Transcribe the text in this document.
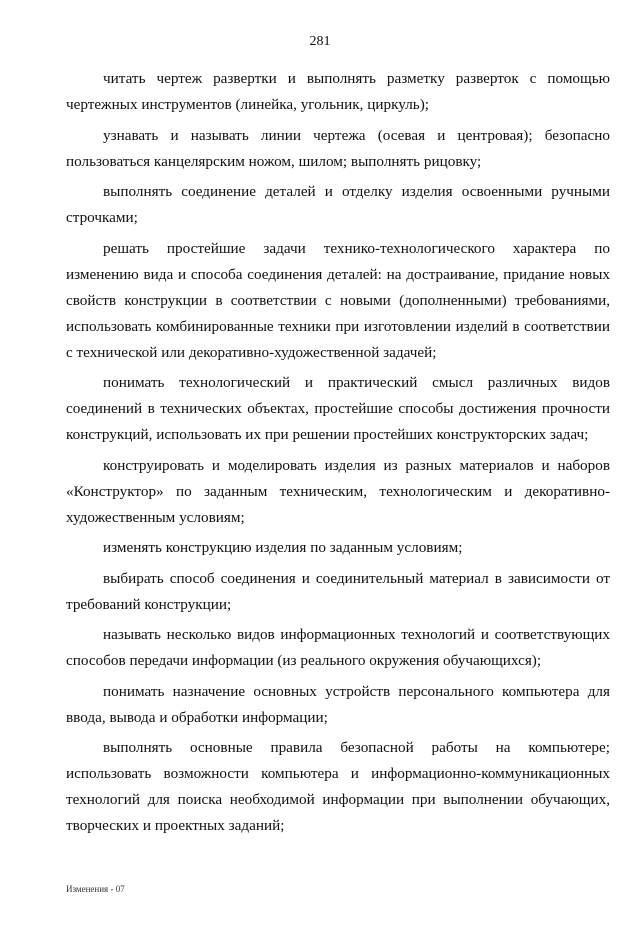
281

читать чертеж развертки и выполнять разметку разверток с помощью чертежных инструментов (линейка, угольник, циркуль);

узнавать и называть линии чертежа (осевая и центровая); безопасно пользоваться канцелярским ножом, шилом; выполнять рицовку;

выполнять соединение деталей и отделку изделия освоенными ручными строчками;

решать простейшие задачи технико-технологического характера по изменению вида и способа соединения деталей: на достраивание, придание новых свойств конструкции в соответствии с новыми (дополненными) требованиями, использовать комбинированные техники при изготовлении изделий в соответствии с технической или декоративно-художественной задачей;

понимать технологический и практический смысл различных видов соединений в технических объектах, простейшие способы достижения прочности конструкций, использовать их при решении простейших конструкторских задач;

конструировать и моделировать изделия из разных материалов и наборов «Конструктор» по заданным техническим, технологическим и декоративно-художественным условиям;

изменять конструкцию изделия по заданным условиям;

выбирать способ соединения и соединительный материал в зависимости от требований конструкции;

называть несколько видов информационных технологий и соответствующих способов передачи информации (из реального окружения обучающихся);

понимать назначение основных устройств персонального компьютера для ввода, вывода и обработки информации;

выполнять основные правила безопасной работы на компьютере; использовать возможности компьютера и информационно-коммуникационных технологий для поиска необходимой информации при выполнении обучающих, творческих и проектных заданий;

Изменения - 07
